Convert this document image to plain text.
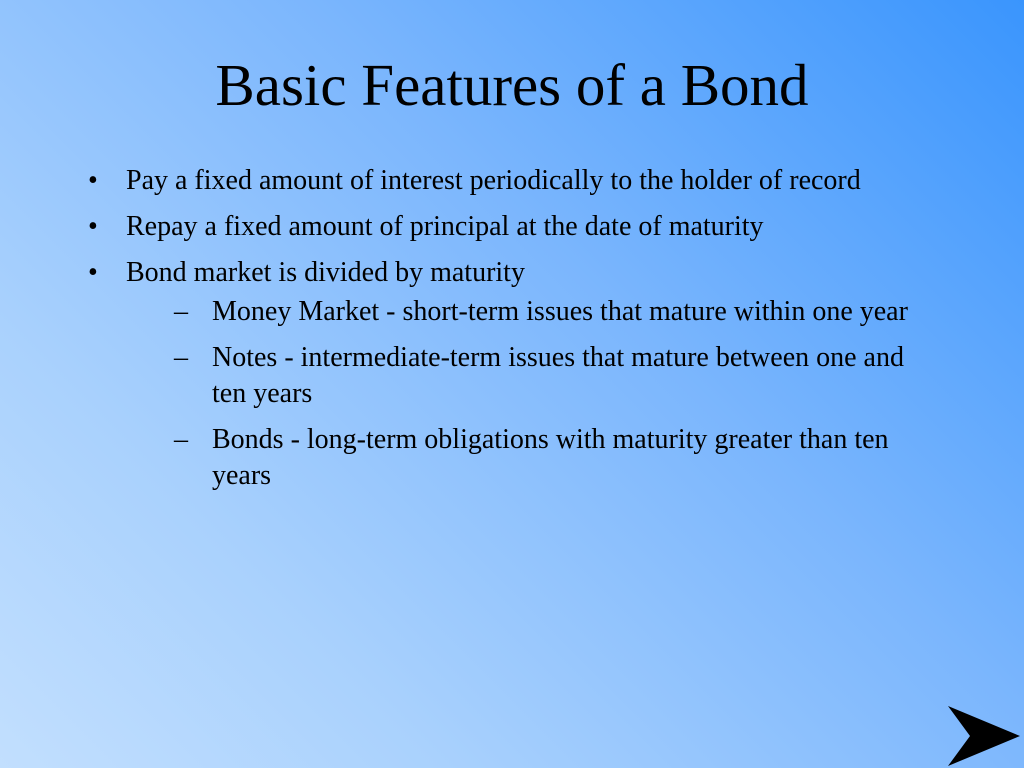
Basic Features of a Bond
• Pay a fixed amount of interest periodically to the holder of record
• Repay a fixed amount of principal at the date of maturity
• Bond market is divided by maturity
– Money Market - short-term issues that mature within one year
– Notes - intermediate-term issues that mature between one and ten years
– Bonds - long-term obligations with maturity greater than ten years
